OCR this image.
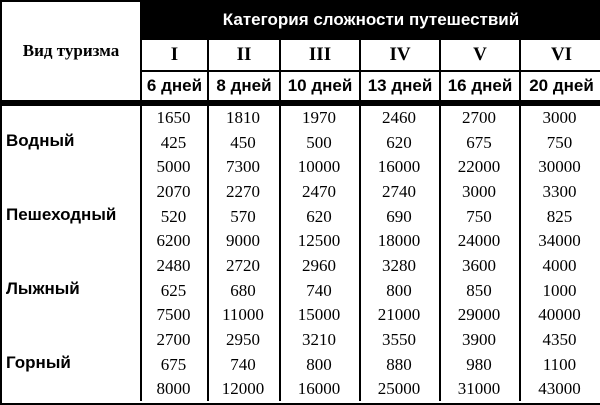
Вид туризма
Категория сложности путешествий
I	II	III	IV	V	VI
6 дней 8 дней 10 дней 13 дней 16 дней 20 дней
Водный
1650	1810	1970	2460	2700	3000
425	450	500	620	675	750
5000	7300	10000	16000	22000	30000
Пешеходный
2070	2270	2470	2740	3000	3300
520	570	620	690	750	825
6200	9000	12500	18000	24000	34000
Лыжный
2480	2720	2960	3280	3600	4000
625	680	740	800	850	1000
7500	11000	15000	21000	29000	40000
Горный
2700	2950	3210	3550	3900	4350
675	740	800	880	980	1100
8000	12000	16000	25000	31000	43000
